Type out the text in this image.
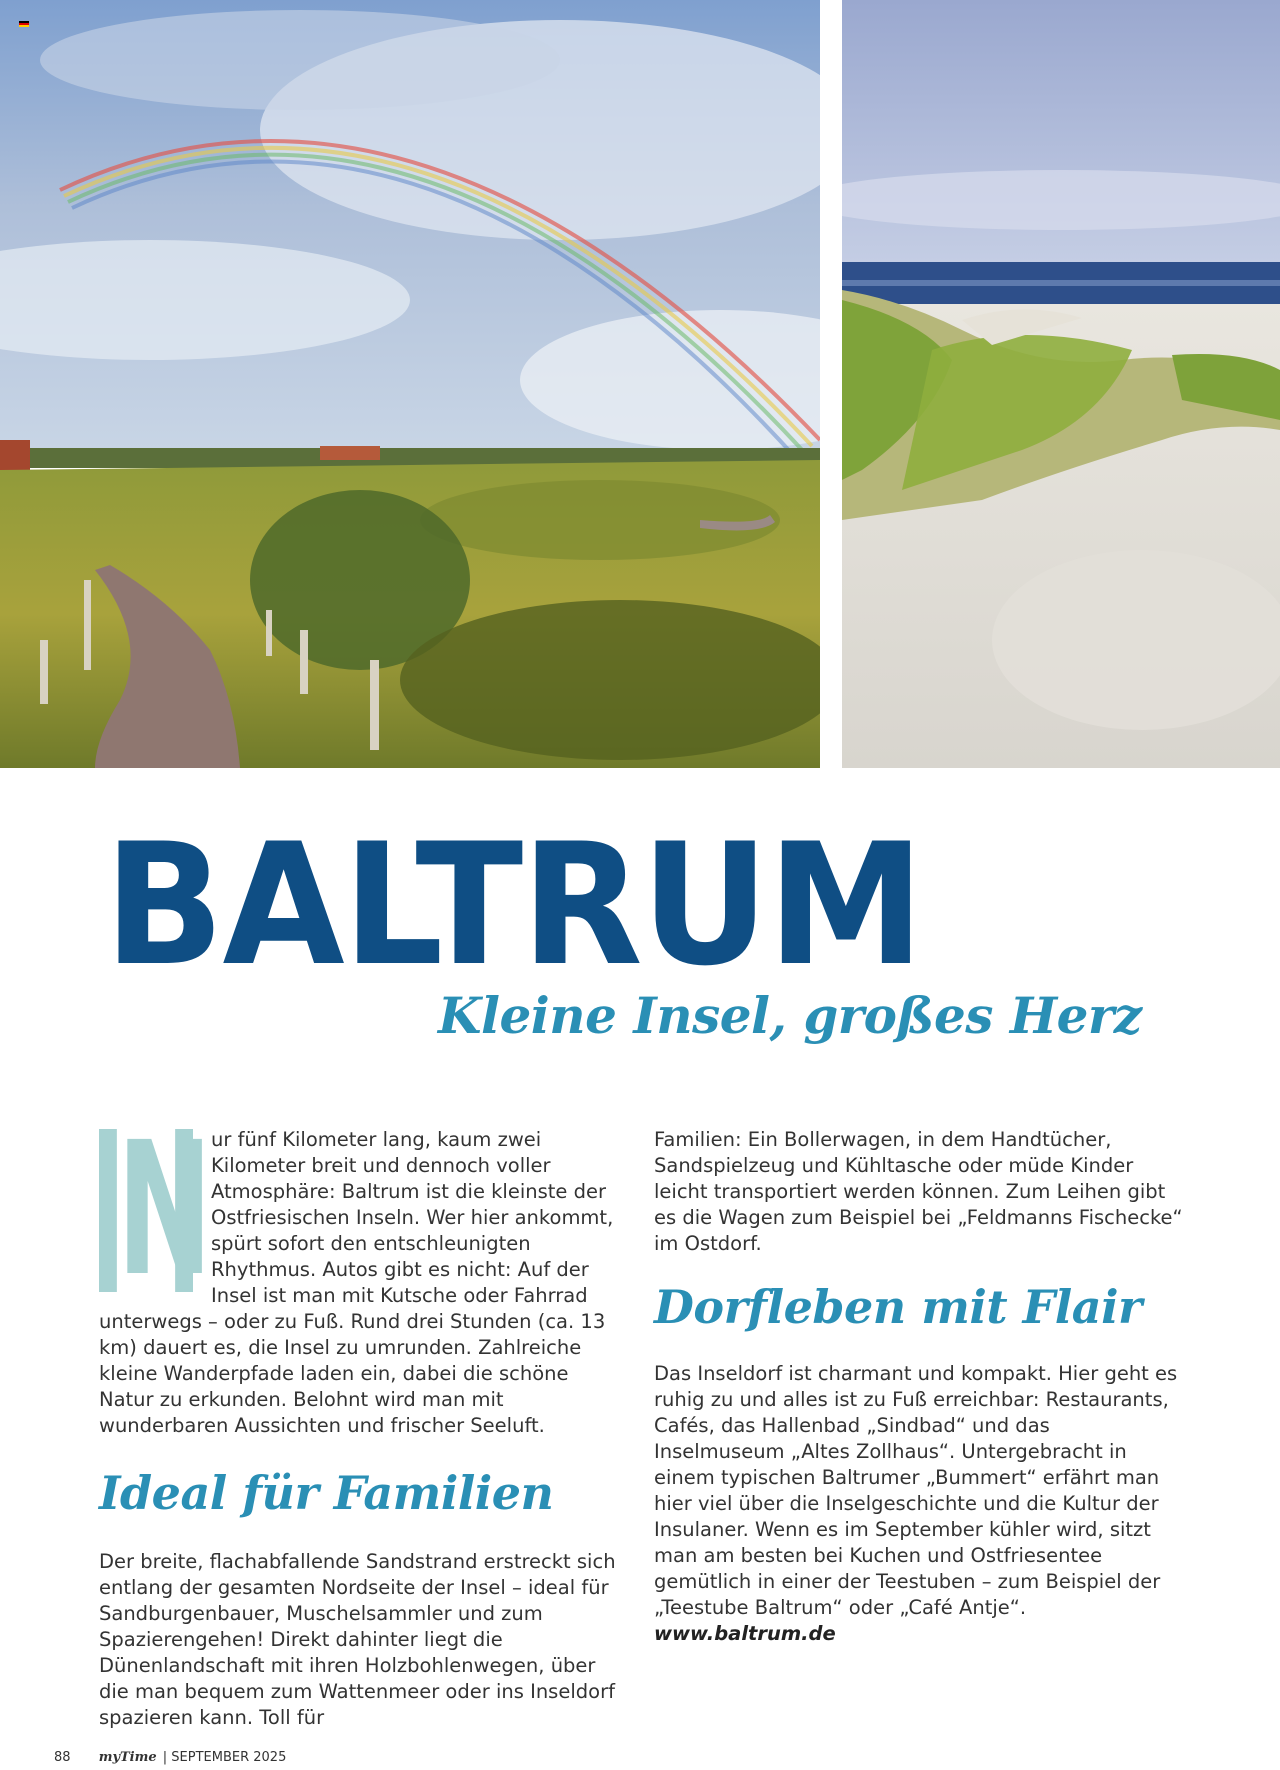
BALTRUM
Kleine Insel, großes Herz
N

ur fünf Kilometer lang, kaum zwei Kilometer breit und dennoch voller Atmosphäre: Baltrum ist die kleinste der Ostfriesischen Inseln. Wer hier ankommt, spürt sofort den entschleunigten Rhythmus. Autos gibt es nicht: Auf der Insel ist man mit Kutsche oder Fahrrad unterwegs – oder zu Fuß. Rund drei Stunden (ca. 13 km) dauert es, die Insel zu umrunden. Zahlreiche kleine Wanderpfade laden ein, dabei die schöne Natur zu erkunden. Belohnt wird man mit wunderbaren Aussichten und frischer Seeluft.

Ideal für Familien

Der breite, flachabfallende Sandstrand erstreckt sich entlang der gesamten Nordseite der Insel – ideal für Sandburgenbauer, Muschelsammler und zum Spazierengehen! Direkt dahinter liegt die Dünenlandschaft mit ihren Holzbohlenwegen, über die man bequem zum Wattenmeer oder ins Inseldorf spazieren kann. Toll für

Familien: Ein Bollerwagen, in dem Handtücher, Sandspielzeug und Kühltasche oder müde Kinder leicht transportiert werden können. Zum Leihen gibt es die Wagen zum Beispiel bei „Feldmanns Fischecke“ im Ostdorf.

Dorfleben mit Flair

Das Inseldorf ist charmant und kompakt. Hier geht es ruhig zu und alles ist zu Fuß erreichbar: Restaurants, Cafés, das Hallenbad „Sindbad“ und das Inselmuseum „Altes Zollhaus“. Untergebracht in einem typischen Baltrumer „Bummert“ erfährt man hier viel über die Inselgeschichte und die Kultur der Insulaner. Wenn es im September kühler wird, sitzt man am besten bei Kuchen und Ostfriesentee gemütlich in einer der Teestuben – zum Beispiel der „Teestube Baltrum“ oder „Café Antje“.

www.baltrum.de

88 myTime | SEPTEMBER 2025
